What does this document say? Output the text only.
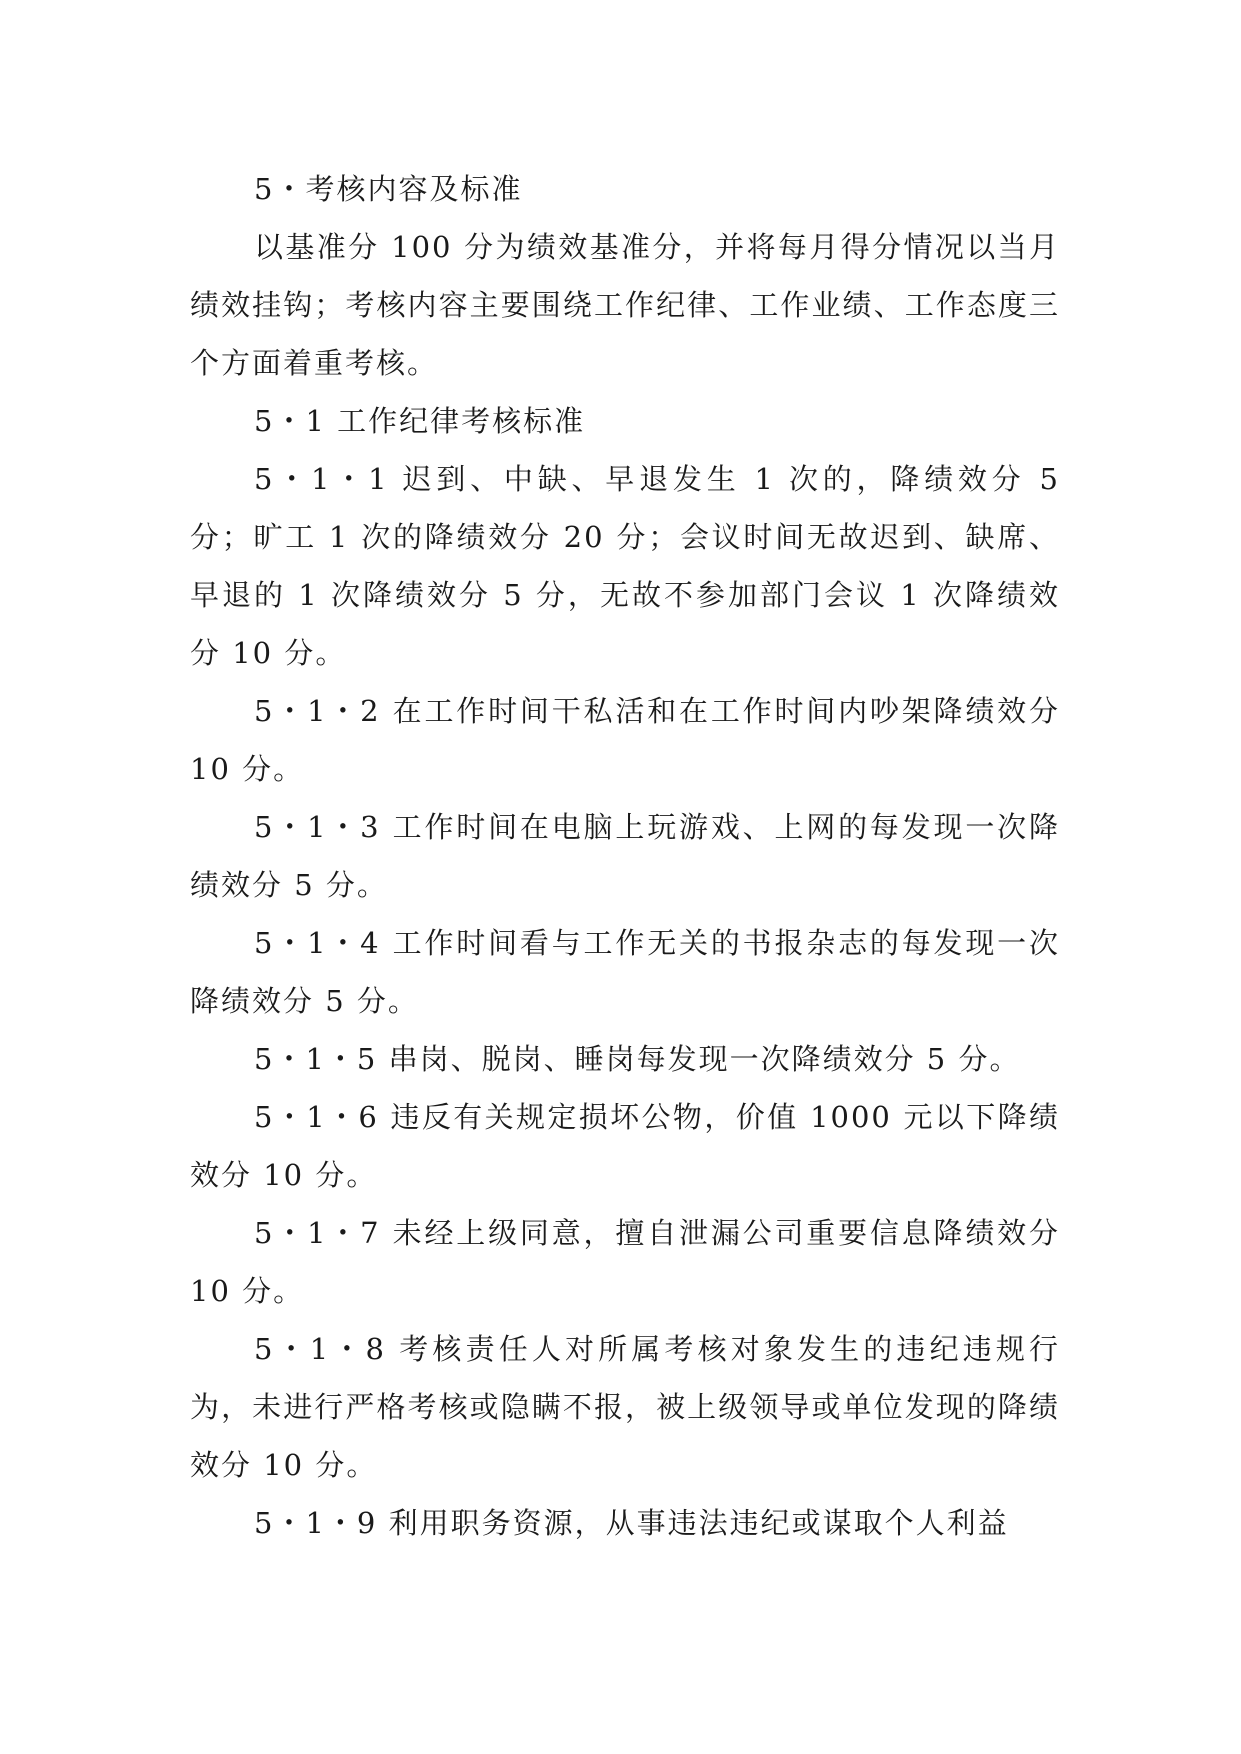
5・考核内容及标准

以基准分 100 分为绩效基准分，并将每月得分情况以当月绩效挂钩；考核内容主要围绕工作纪律、工作业绩、工作态度三个方面着重考核。

5・1 工作纪律考核标准

5・1・1 迟到、中缺、早退发生 1 次的，降绩效分 5 分；旷工 1 次的降绩效分 20 分；会议时间无故迟到、缺席、早退的 1 次降绩效分 5 分，无故不参加部门会议 1 次降绩效分 10 分。

5・1・2 在工作时间干私活和在工作时间内吵架降绩效分 10 分。

5・1・3 工作时间在电脑上玩游戏、上网的每发现一次降绩效分 5 分。

5・1・4 工作时间看与工作无关的书报杂志的每发现一次降绩效分 5 分。

5・1・5 串岗、脱岗、睡岗每发现一次降绩效分 5 分。

5・1・6 违反有关规定损坏公物，价值 1000 元以下降绩效分 10 分。

5・1・7 未经上级同意，擅自泄漏公司重要信息降绩效分 10 分。

5・1・8 考核责任人对所属考核对象发生的违纪违规行为，未进行严格考核或隐瞒不报，被上级领导或单位发现的降绩效分 10 分。

5・1・9 利用职务资源，从事违法违纪或谋取个人利益
